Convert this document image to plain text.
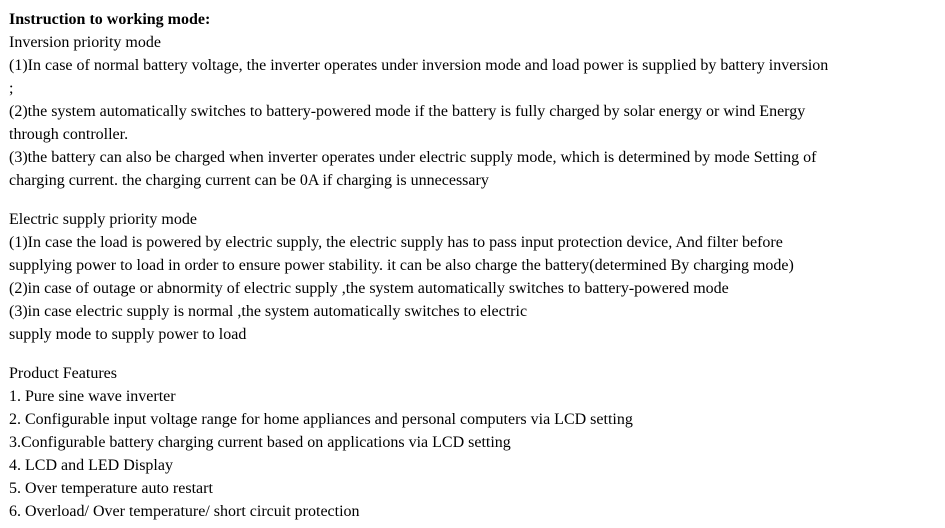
Instruction to working mode:
Inversion priority mode
(1)In case of normal battery voltage, the inverter operates under inversion mode and load power is supplied by battery inversion
;
(2)the system automatically switches to battery-powered mode if the battery is fully charged by solar energy or wind Energy
through controller.
(3)the battery can also be charged when inverter operates under electric supply mode, which is determined by mode Setting of
charging current. the charging current can be 0A if charging is unnecessary
Electric supply priority mode
(1)In case the load is powered by electric supply, the electric supply has to pass input protection device, And filter before
supplying power to load in order to ensure power stability. it can be also charge the battery(determined By charging mode)
(2)in case of outage or abnormity of electric supply ,the system automatically switches to battery-powered mode
(3)in case electric supply is normal ,the system automatically switches to electric
supply mode to supply power to load
Product Features
1. Pure sine wave inverter
2. Configurable input voltage range for home appliances and personal computers via LCD setting
3.Configurable battery charging current based on applications via LCD setting
4. LCD and LED Display
5. Over temperature auto restart
6. Overload/ Over temperature/ short circuit protection
